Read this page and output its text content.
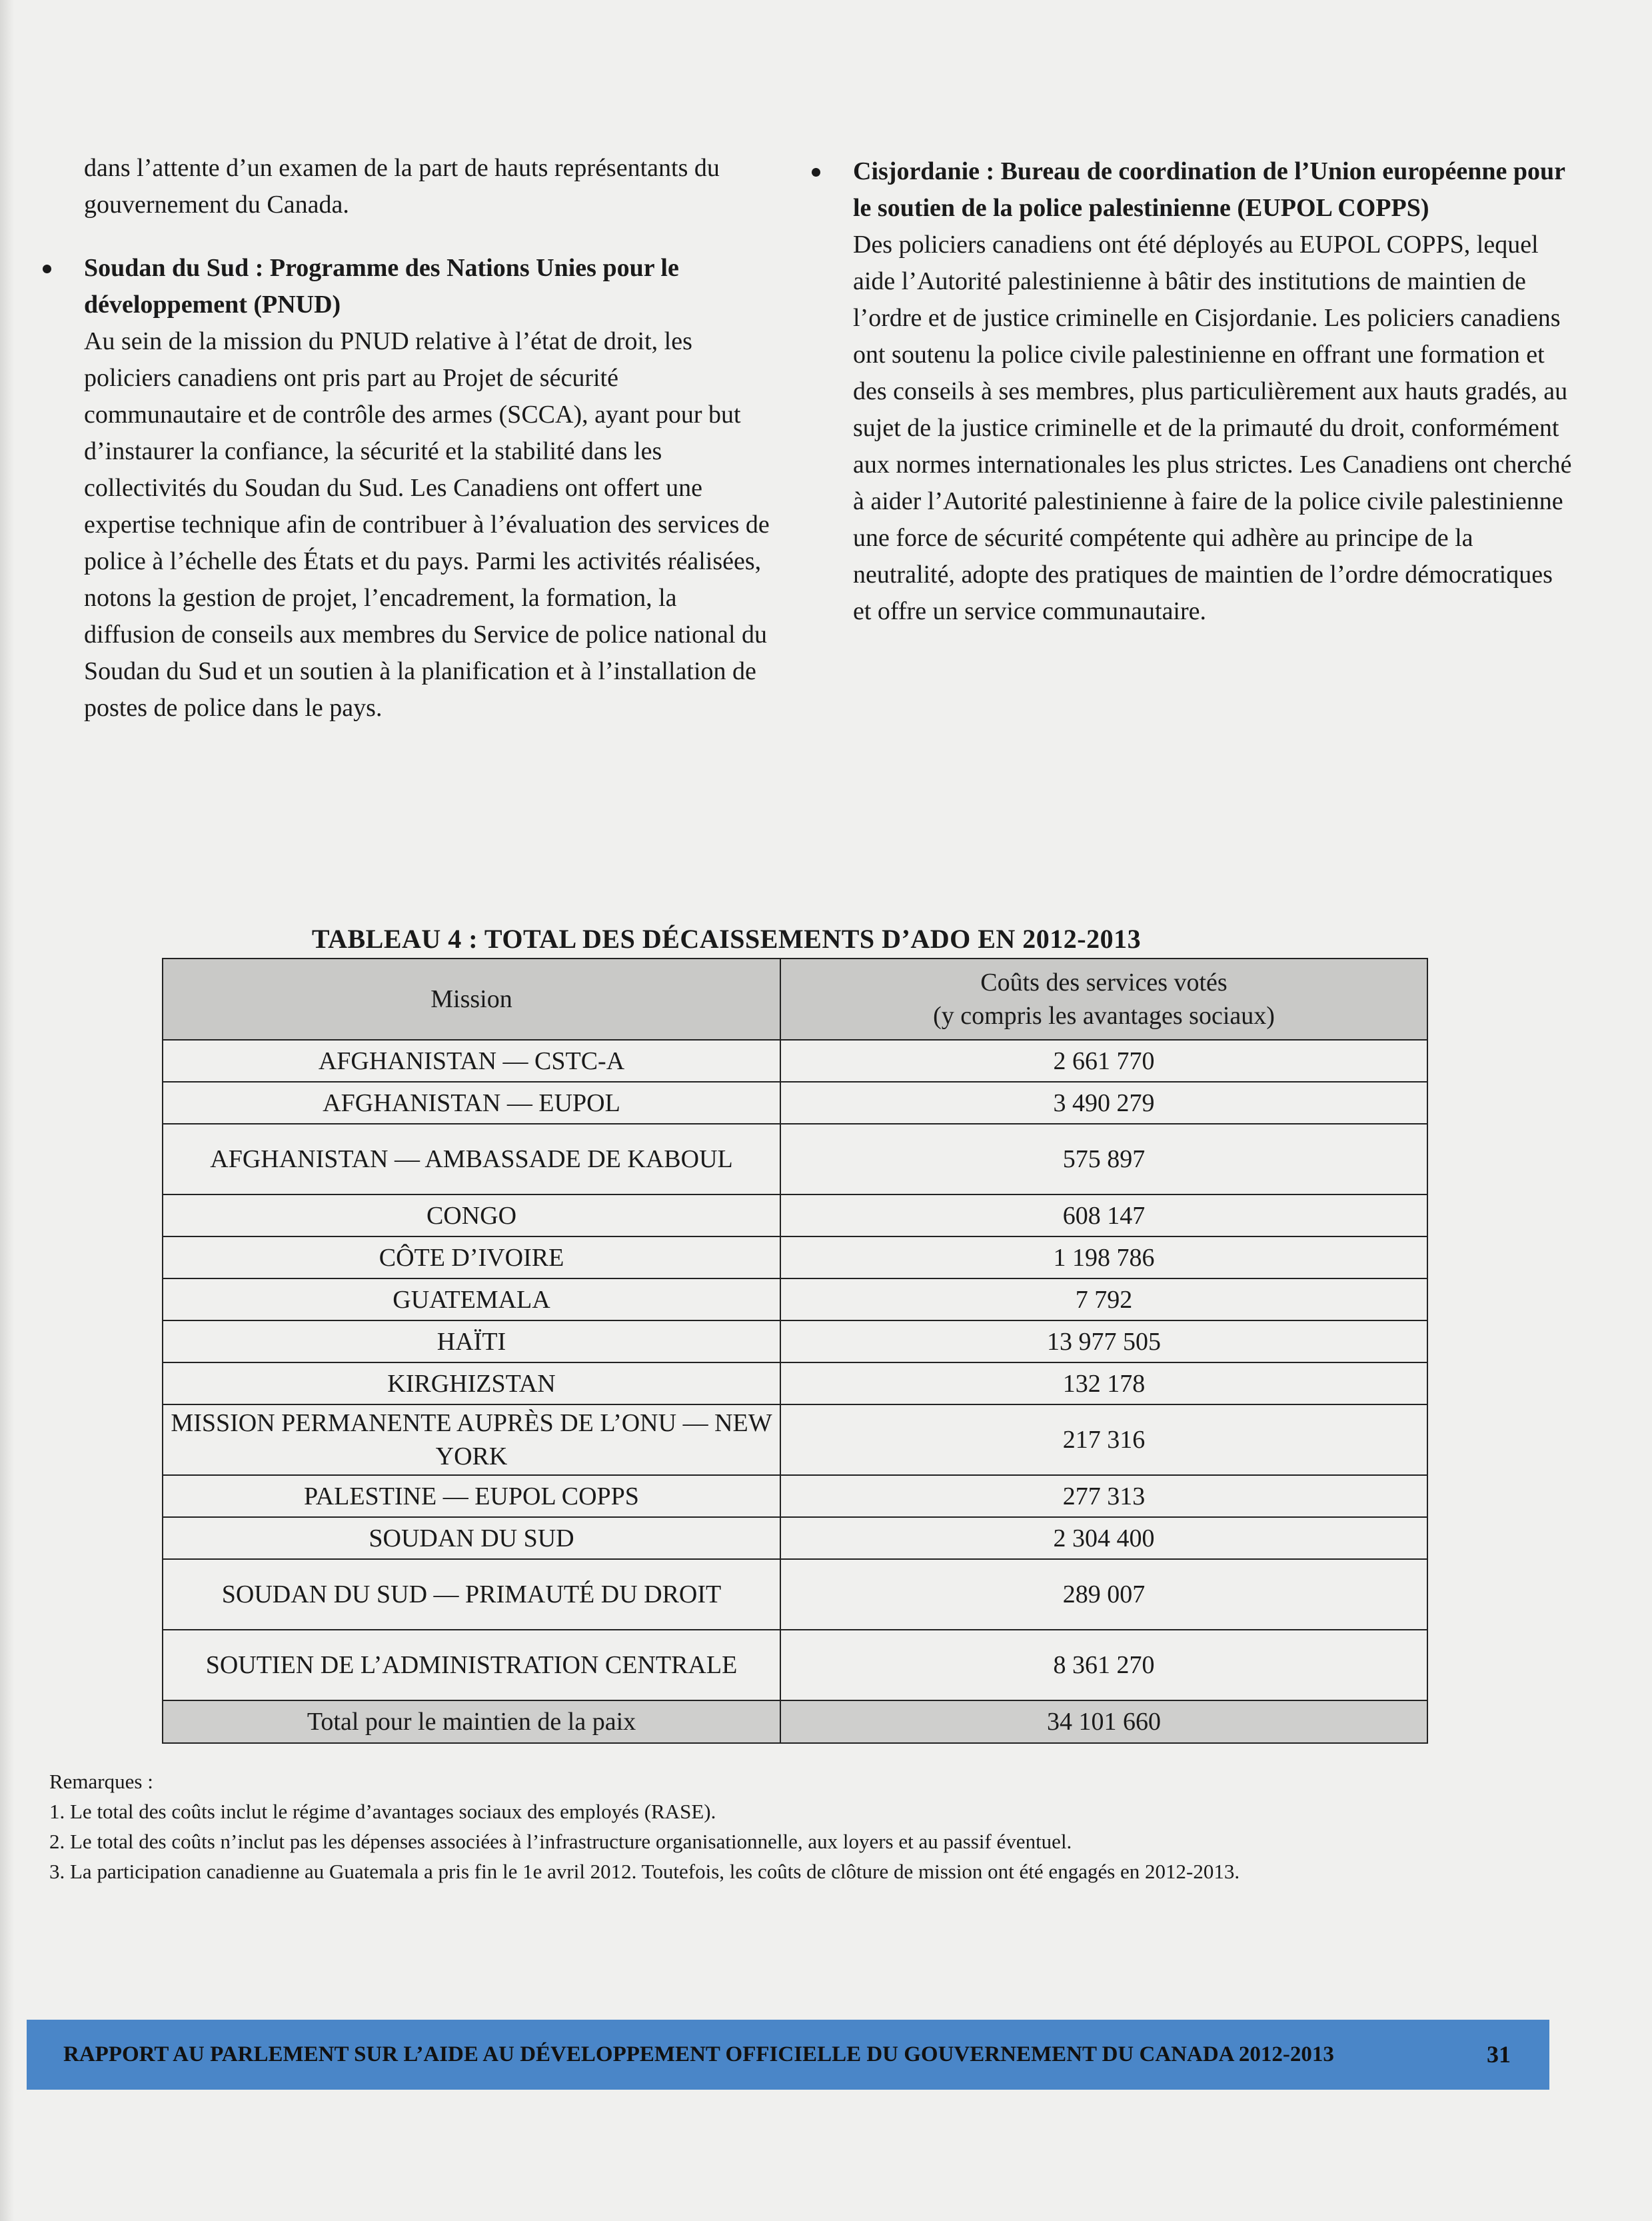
dans l’attente d’un examen de la part de hauts représentants du gouvernement du Canada.

Soudan du Sud : Programme des Nations Unies pour le développement (PNUD)

Au sein de la mission du PNUD relative à l’état de droit, les policiers canadiens ont pris part au Projet de sécurité communautaire et de contrôle des armes (SCCA), ayant pour but d’instaurer la confiance, la sécurité et la stabilité dans les collectivités du Soudan du Sud. Les Canadiens ont offert une expertise technique afin de contribuer à l’évaluation des services de police à l’échelle des États et du pays. Parmi les activités réalisées, notons la gestion de projet, l’encadrement, la formation, la diffusion de conseils aux membres du Service de police national du Soudan du Sud et un soutien à la planification et à l’installation de postes de police dans le pays.

Cisjordanie : Bureau de coordination de l’Union européenne pour le soutien de la police palestinienne (EUPOL COPPS)

Des policiers canadiens ont été déployés au EUPOL COPPS, lequel aide l’Autorité palestinienne à bâtir des institutions de maintien de l’ordre et de justice criminelle en Cisjordanie. Les policiers canadiens ont soutenu la police civile palestinienne en offrant une formation et des conseils à ses membres, plus particulièrement aux hauts gradés, au sujet de la justice criminelle et de la primauté du droit, conformément aux normes internationales les plus strictes. Les Canadiens ont cherché à aider l’Autorité palestinienne à faire de la police civile palestinienne une force de sécurité compétente qui adhère au principe de la neutralité, adopte des pratiques de maintien de l’ordre démocratiques et offre un service communautaire.

TABLEAU 4 : TOTAL DES DÉCAISSEMENTS D’ADO EN 2012-2013
Mission	Coûts des services votés
(y compris les avantages sociaux)

AFGHANISTAN — CSTC-A	2 661 770
AFGHANISTAN — EUPOL	3 490 279
AFGHANISTAN — AMBASSADE DE KABOUL	575 897
CONGO	608 147
CÔTE D’IVOIRE	1 198 786
GUATEMALA	7 792
HAÏTI	13 977 505
KIRGHIZSTAN	132 178
MISSION PERMANENTE AUPRÈS DE L’ONU — NEW YORK	217 316
PALESTINE — EUPOL COPPS	277 313
SOUDAN DU SUD	2 304 400
SOUDAN DU SUD — PRIMAUTÉ DU DROIT	289 007
SOUTIEN DE L’ADMINISTRATION CENTRALE	8 361 270
Total pour le maintien de la paix	34 101 660

Remarques :

1. Le total des coûts inclut le régime d’avantages sociaux des employés (RASE).

2. Le total des coûts n’inclut pas les dépenses associées à l’infrastructure organisationnelle, aux loyers et au passif éventuel.

3. La participation canadienne au Guatemala a pris fin le 1e avril 2012. Toutefois, les coûts de clôture de mission ont été engagés en 2012-2013.

RAPPORT AU PARLEMENT SUR L’AIDE AU DÉVELOPPEMENT OFFICIELLE DU GOUVERNEMENT DU CANADA 2012-2013	31
